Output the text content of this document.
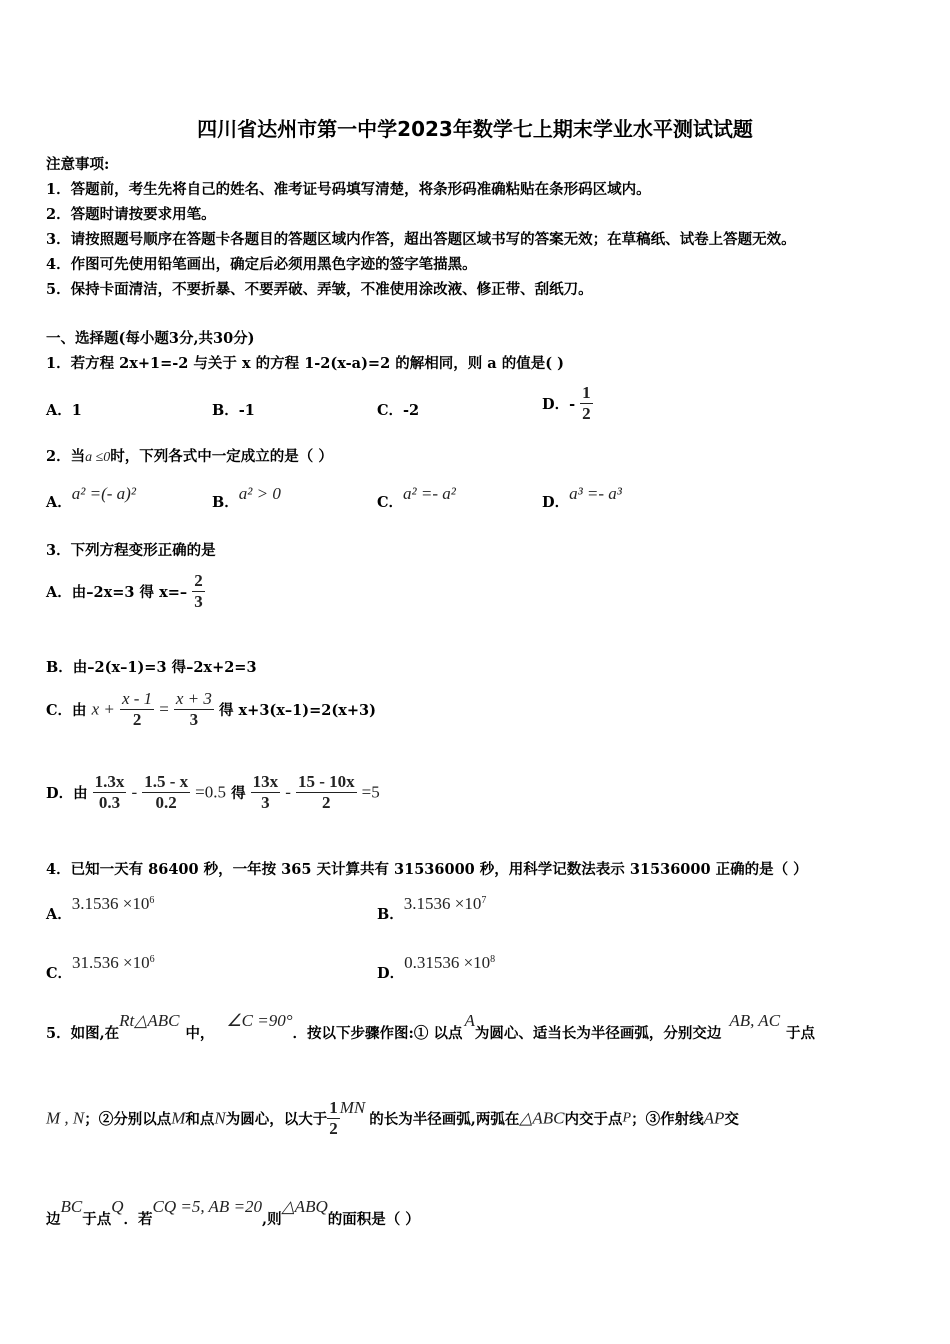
四川省达州市第一中学2023年数学七上期末学业水平测试试题
注意事项:
1．答题前，考生先将自己的姓名、准考证号码填写清楚，将条形码准确粘贴在条形码区域内。
2．答题时请按要求用笔。
3．请按照题号顺序在答题卡各题目的答题区域内作答，超出答题区域书写的答案无效；在草稿纸、试卷上答题无效。
4．作图可先使用铅笔画出，确定后必须用黑色字迹的签字笔描黑。
5．保持卡面清洁，不要折暴、不要弄破、弄皱，不准使用涂改液、修正带、刮纸刀。
一、选择题(每小题3分,共30分)
1．若方程 2x+1=-2 与关于 x 的方程 1-2(x-a)=2 的解相同，则 a 的值是( )
A．1	B．-1	C．-2	D．- $\frac{1}{2}$
2．当a ≤0时，下列各式中一定成立的是（ ）
A．a² =(- a)²	B．a² > 0	C．a² =- a²	D．a³ =- a³
3．下列方程变形正确的是
A．由–2x=3 得 $x=- \frac{2}{3}$
B．由–2(x–1)=3 得–2x+2=3
C．由 $x + \frac{x - 1}{2} = \frac{x + 3}{3}$ 得 x+3(x–1)=2(x+3)
D．由 $\frac{1.3x}{0.3} - \frac{1.5 - x}{0.2} =0.5$ 得 $\frac{13x}{3} - \frac{15 - 10x}{2} =5$
4．已知一天有 86400 秒，一年按 365 天计算共有 31536000 秒，用科学记数法表示 31536000 正确的是（ ）
A．$3.1536 \times 10^6$
B．$3.1536 \times 10^7$
C．$31.536 \times 10^6$
D．$0.31536 \times 10^8$
5．如图,在Rt△ABC中，∠C =90°．按以下步骤作图:① 以点A为圆心、适当长为半径画弧，分别交边AB, AC于点
M , N；②分别以点M和点N为圆心，以大于 $\frac{1}{2}$ MN的长为半径画弧,两弧在△ABC内交于点P；③作射线AP交
边BC于点Q．若CQ =5, AB =20,则△ABQ的面积是（ ）
